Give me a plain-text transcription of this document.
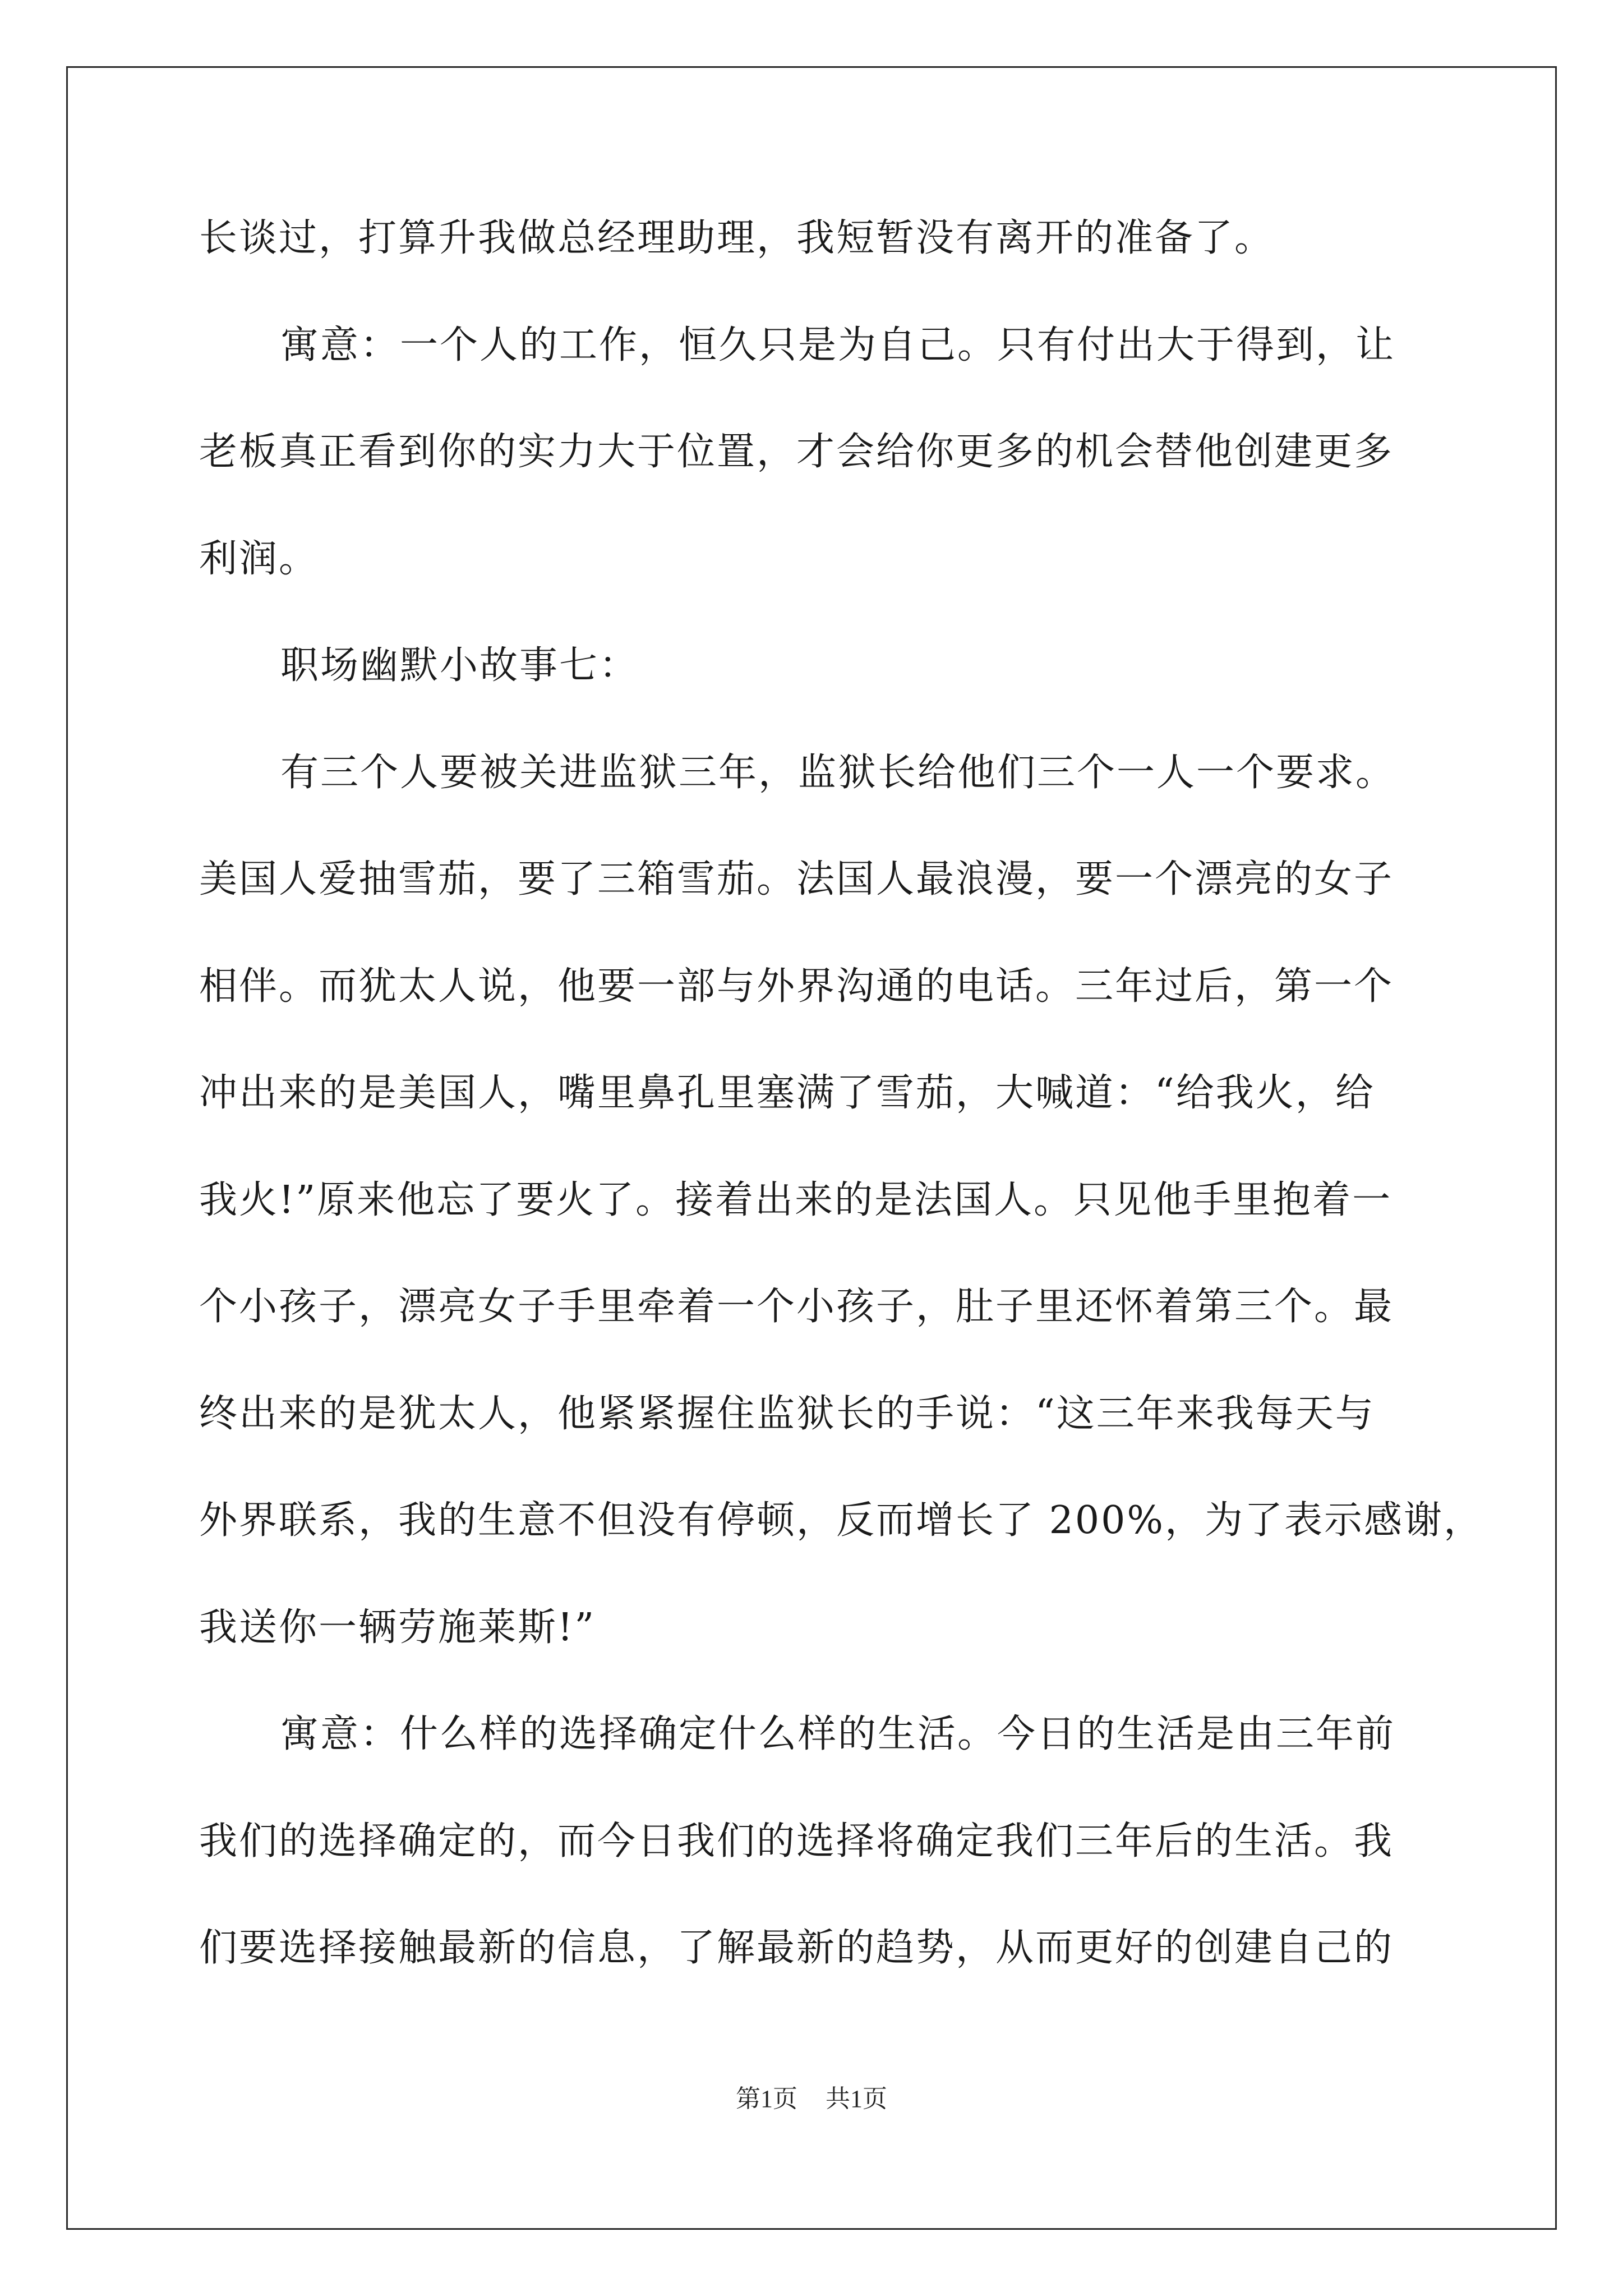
长谈过，打算升我做总经理助理，我短暂没有离开的准备了。
寓意：一个人的工作，恒久只是为自己。只有付出大于得到，让
老板真正看到你的实力大于位置，才会给你更多的机会替他创建更多
利润。
职场幽默小故事七：
有三个人要被关进监狱三年，监狱长给他们三个一人一个要求。
美国人爱抽雪茄，要了三箱雪茄。法国人最浪漫，要一个漂亮的女子
相伴。而犹太人说，他要一部与外界沟通的电话。三年过后，第一个
冲出来的是美国人，嘴里鼻孔里塞满了雪茄，大喊道：“给我火，给
我火!”原来他忘了要火了。接着出来的是法国人。只见他手里抱着一
个小孩子，漂亮女子手里牵着一个小孩子，肚子里还怀着第三个。最
终出来的是犹太人，他紧紧握住监狱长的手说：“这三年来我每天与
外界联系，我的生意不但没有停顿，反而增长了 200%，为了表示感谢，
我送你一辆劳施莱斯!”
寓意：什么样的选择确定什么样的生活。今日的生活是由三年前
我们的选择确定的，而今日我们的选择将确定我们三年后的生活。我
们要选择接触最新的信息，了解最新的趋势，从而更好的创建自己的
第1页 共1页
